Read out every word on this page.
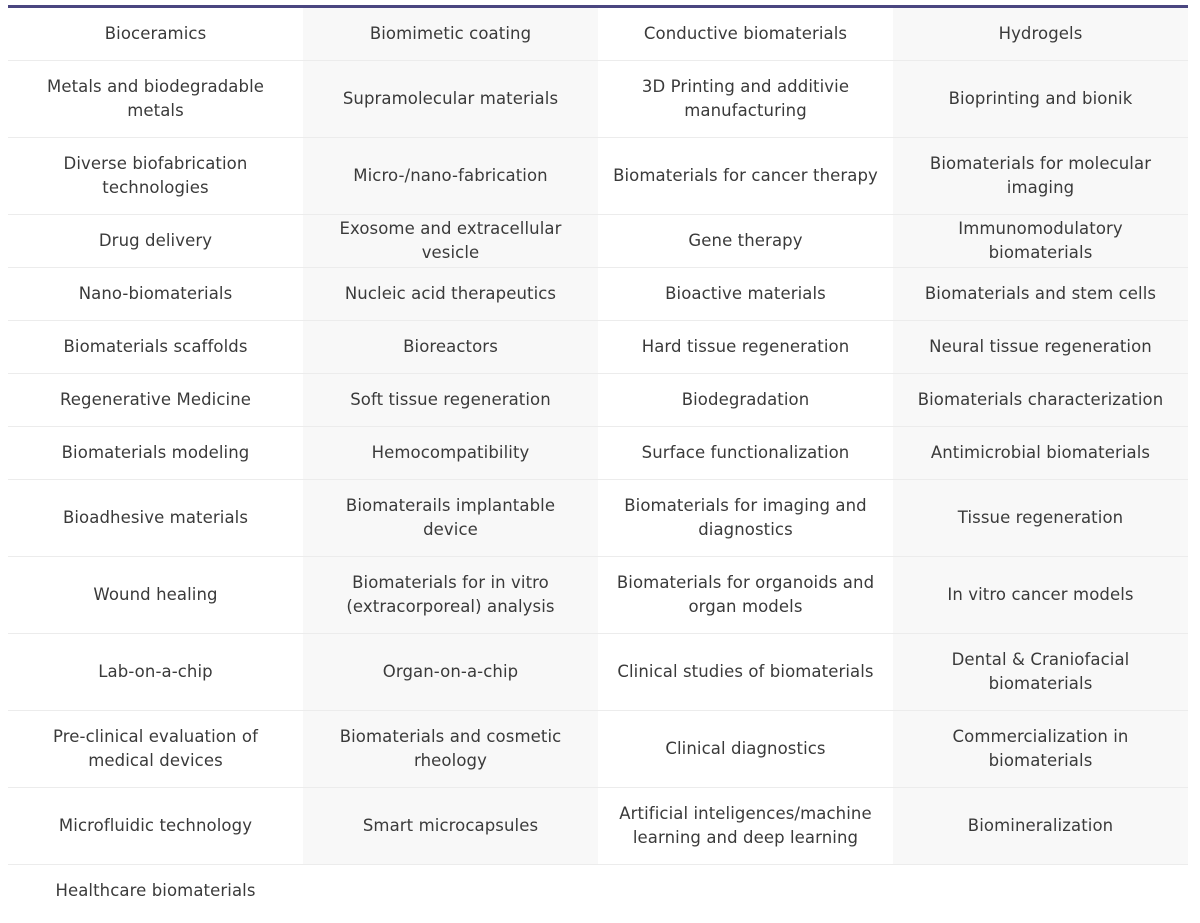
Bioceramics	Biomimetic coating	Conductive biomaterials	Hydrogels
Metals and biodegradable metals	Supramolecular materials	3D Printing and additivie manufacturing	Bioprinting and bionik
Diverse biofabrication technologies	Micro-/nano-fabrication	Biomaterials for cancer therapy	Biomaterials for molecular imaging
Drug delivery	Exosome and extracellular vesicle	Gene therapy	Immunomodulatory biomaterials
Nano-biomaterials	Nucleic acid therapeutics	Bioactive materials	Biomaterials and stem cells
Biomaterials scaffolds	Bioreactors	Hard tissue regeneration	Neural tissue regeneration
Regenerative Medicine	Soft tissue regeneration	Biodegradation	Biomaterials characterization
Biomaterials modeling	Hemocompatibility	Surface functionalization	Antimicrobial biomaterials
Bioadhesive materials	Biomaterails implantable device	Biomaterials for imaging and diagnostics	Tissue regeneration
Wound healing	Biomaterials for in vitro (extracorporeal) analysis	Biomaterials for organoids and organ models	In vitro cancer models
Lab-on-a-chip	Organ-on-a-chip	Clinical studies of biomaterials	Dental & Craniofacial biomaterials
Pre-clinical evaluation of medical devices	Biomaterials and cosmetic rheology	Clinical diagnostics	Commercialization in biomaterials
Microfluidic technology	Smart microcapsules	Artificial inteligences/machine learning and deep learning	Biomineralization
Healthcare biomaterials			
